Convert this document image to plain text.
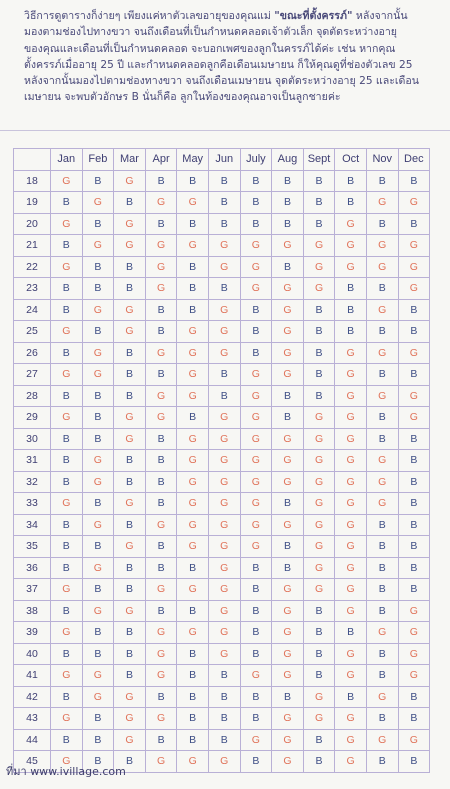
วิธีการดูตารางก็ง่ายๆ เพียงแค่หาตัวเลขอายุของคุณแม่ "ขณะที่ตั้งครรภ์" หลังจากนั้น

มองตามช่องไปทางขวา จนถึงเดือนที่เป็นกำหนดคลอดเจ้าตัวเล็ก จุดตัดระหว่างอายุ

ของคุณและเดือนที่เป็นกำหนดคลอด จะบอกเพศของลูกในครรภ์ได้ค่ะ เช่น หากคุณ

ตั้งครรภ์เมื่ออายุ 25 ปี และกำหนดคลอดลูกคือเดือนเมษายน ก็ให้คุณดูที่ช่องตัวเลข 25

หลังจากนั้นมองไปตามช่องทางขวา จนถึงเดือนเมษายน จุดตัดระหว่างอายุ 25 และเดือน

เมษายน จะพบตัวอักษร B นั่นก็คือ ลูกในท้องของคุณอาจเป็นลูกชายค่ะ

	Jan	Feb	Mar	Apr	May	Jun	July	Aug	Sept	Oct	Nov	Dec
18	G	B	G	B	B	B	B	B	B	B	B	B
19	B	G	B	G	G	B	B	B	B	B	G	G
20	G	B	G	B	B	B	B	B	B	G	B	B
21	B	G	G	G	G	G	G	G	G	G	G	G
22	G	B	B	G	B	G	G	B	G	G	G	G
23	B	B	B	G	B	B	G	G	G	B	B	G
24	B	G	G	B	B	G	B	G	B	B	G	B
25	G	B	G	B	G	G	B	G	B	B	B	B
26	B	G	B	G	G	G	B	G	B	G	G	G
27	G	G	B	B	G	B	G	G	B	G	B	B
28	B	B	B	G	G	B	G	B	B	G	G	G
29	G	B	G	G	B	G	G	B	G	G	B	G
30	B	B	G	B	G	G	G	G	G	G	B	B
31	B	G	B	B	G	G	G	G	G	G	G	B
32	B	G	B	B	G	G	G	G	G	G	G	B
33	G	B	G	B	G	G	G	B	G	G	G	B
34	B	G	B	G	G	G	G	G	G	G	B	B
35	B	B	G	B	G	G	G	B	G	G	B	B
36	B	G	B	B	B	G	B	B	G	G	B	B
37	G	B	B	G	G	G	B	G	G	G	B	B
38	B	G	G	B	B	G	B	G	B	G	B	G
39	G	B	B	G	G	G	B	G	B	B	G	G
40	B	B	B	G	B	G	B	G	B	G	B	G
41	G	G	B	G	B	B	G	G	B	G	B	G
42	B	G	G	B	B	B	B	B	G	B	G	B
43	G	B	G	G	B	B	B	G	G	G	B	B
44	B	B	G	B	B	B	G	G	B	G	G	G
45	G	B	B	G	G	G	B	G	B	G	B	B
ที่มา www.ivillage.com
